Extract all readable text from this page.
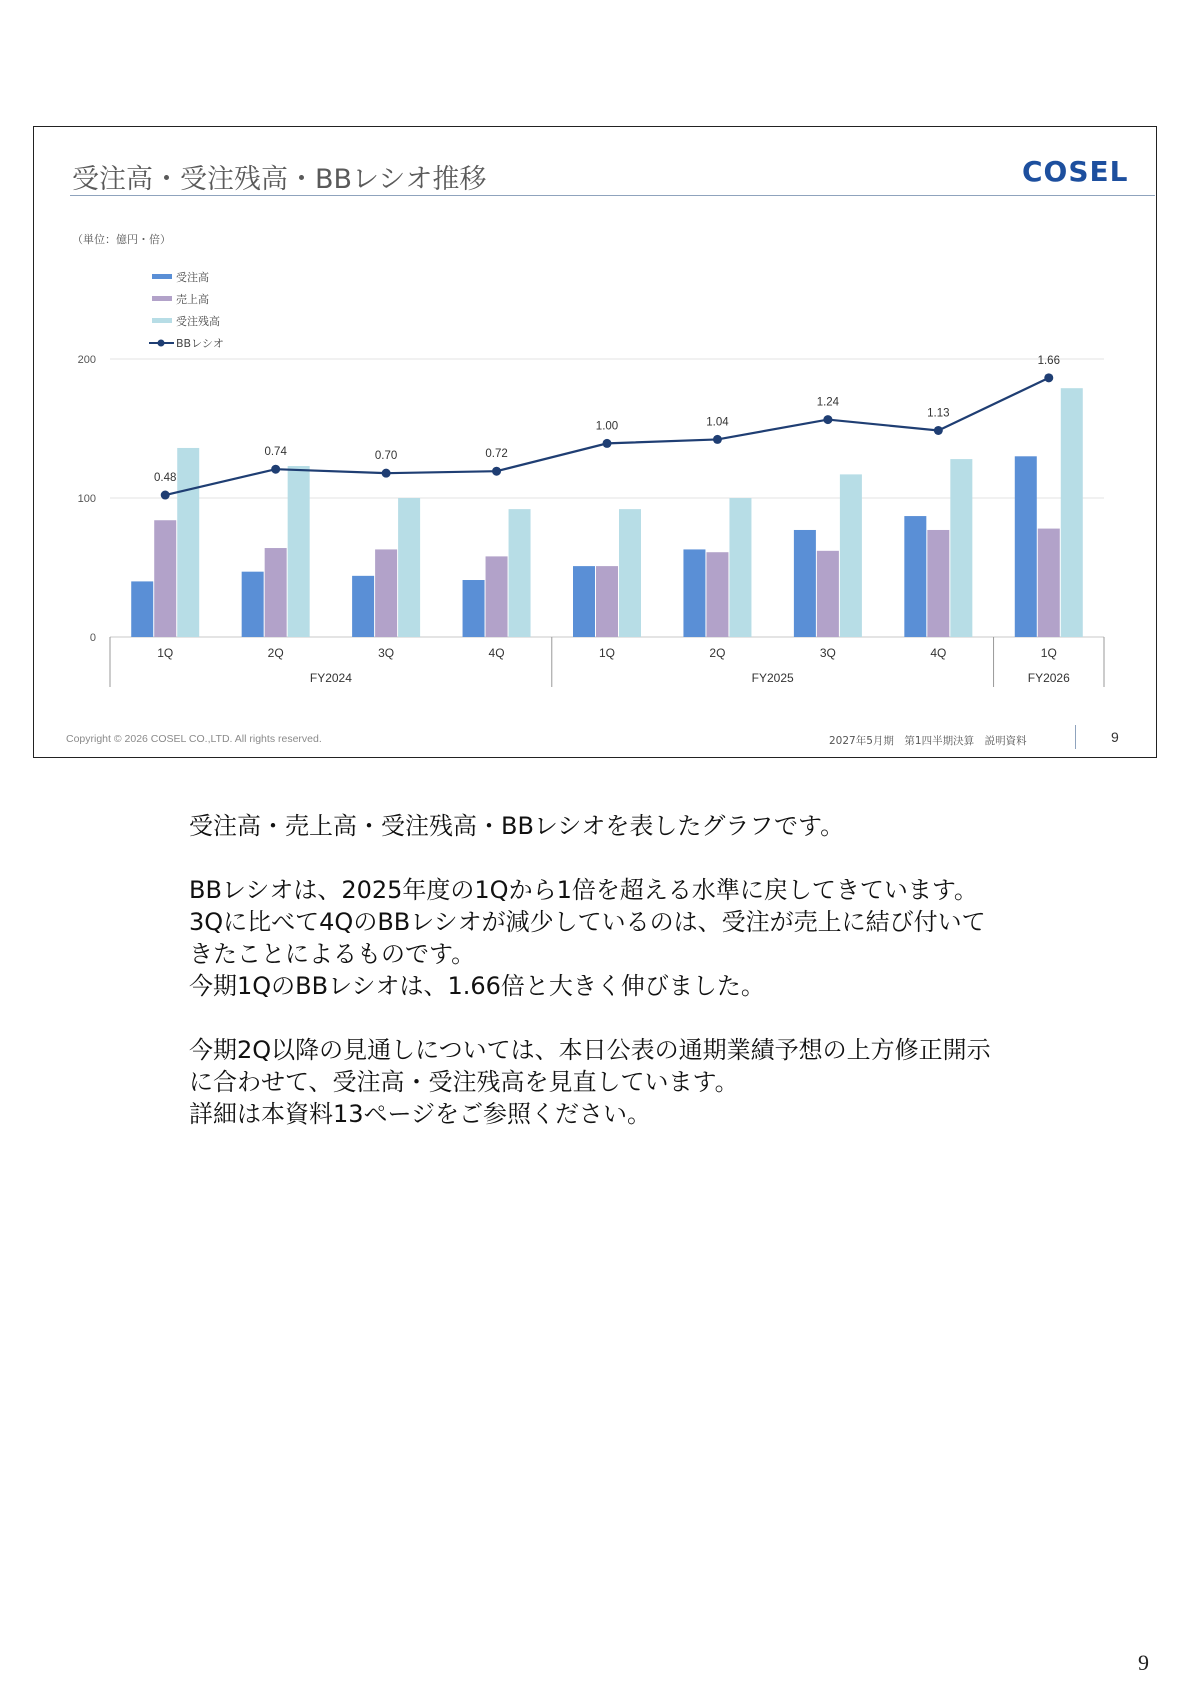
受注高・受注残高・BBレシオ推移	COSEL
（単位：億円・倍）
受注高
売上高
受注残高
BBレシオ
0
100
200
0.48
0.74	0.70	0.72
1.00	1.04
1.24
1.13
1.66
1Q	2Q	3Q	4Q	1Q	2Q	3Q	4Q	1Q
FY2024	FY2025	FY2026
Copyright © 2026 COSEL CO.,LTD. All rights reserved.	2027年5月期　第1四半期決算　説明資料	9

受注高・売上高・受注残高・BBレシオを表したグラフです。

BBレシオは、2025年度の1Qから1倍を超える水準に戻してきています。

3Qに比べて4QのBBレシオが減少しているのは、受注が売上に結び付いてきたことによるものです。

今期1QのBBレシオは、1.66倍と大きく伸びました。

今期2Q以降の見通しについては、本日公表の通期業績予想の上方修正開示に合わせて、受注高・受注残高を見直しています。

詳細は本資料13ページをご参照ください。

9
